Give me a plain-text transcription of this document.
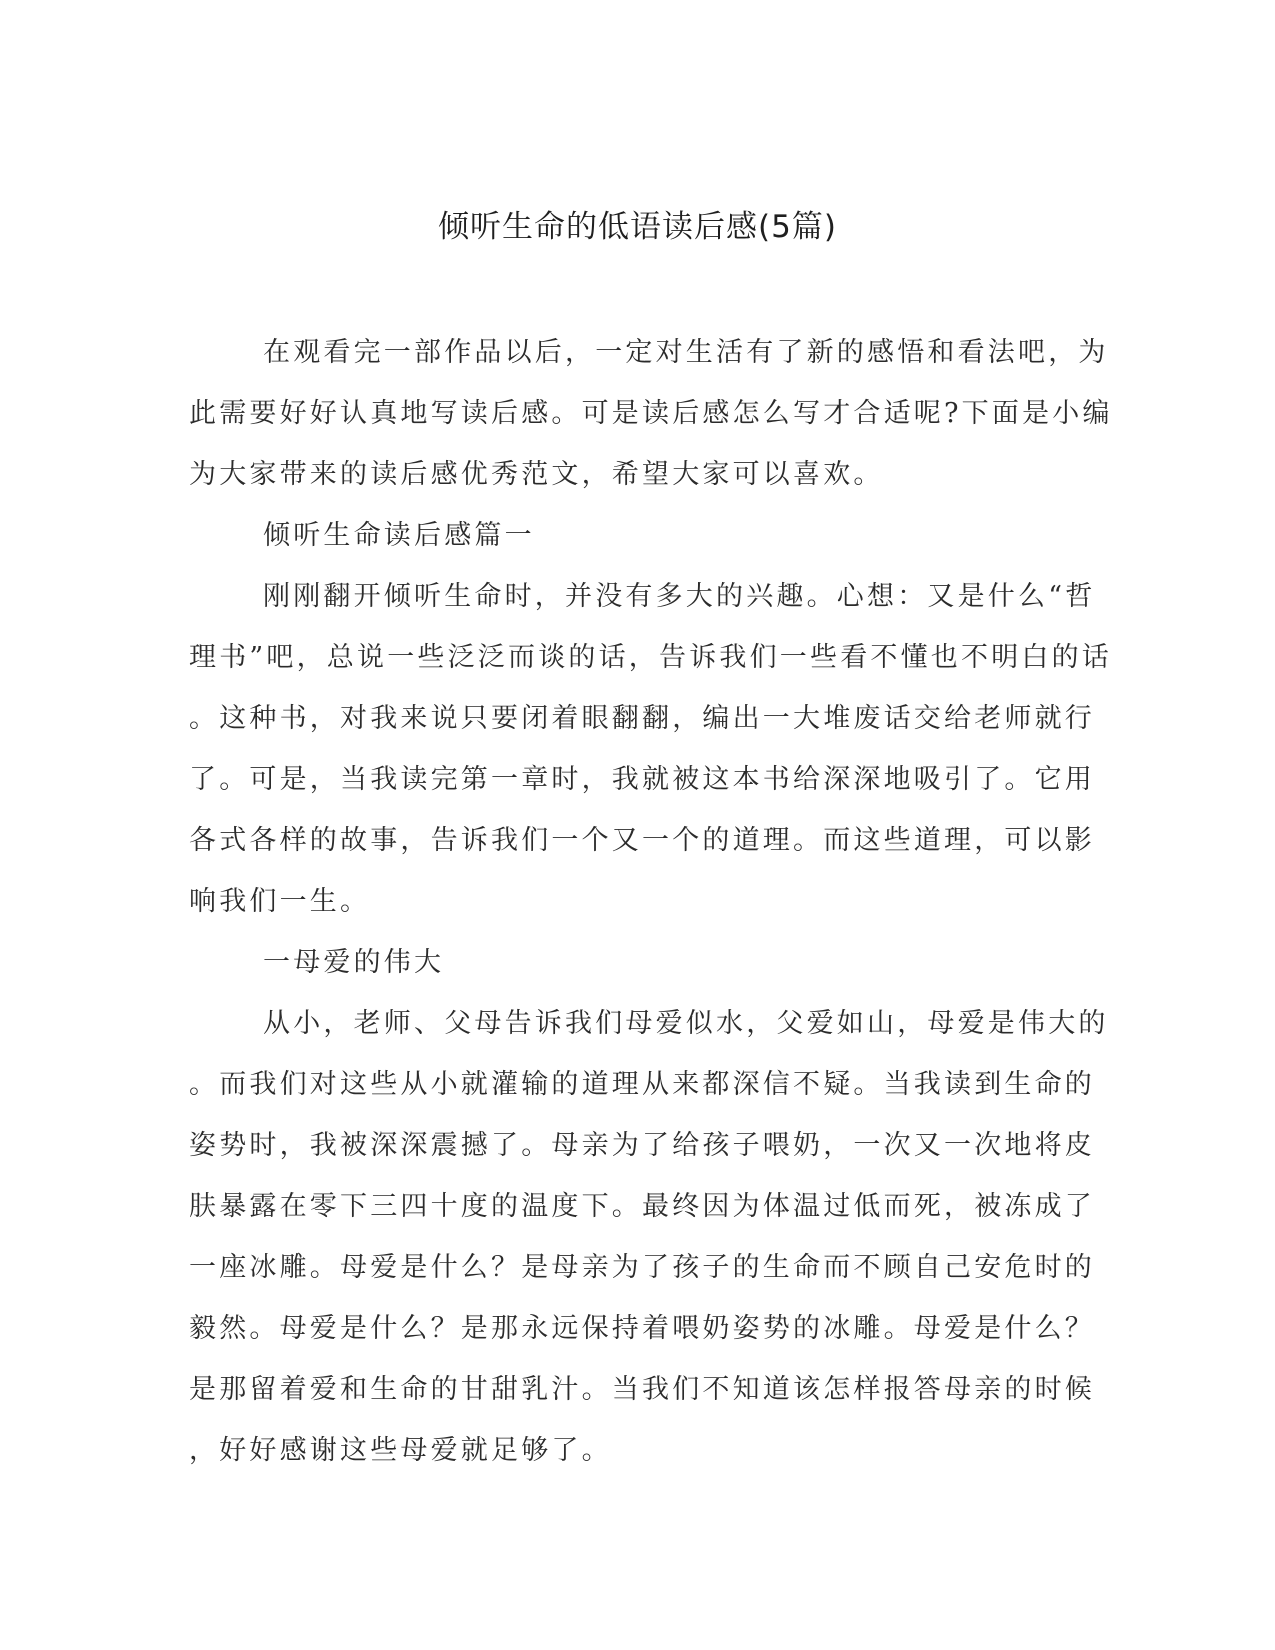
倾听生命的低语读后感(5篇)
在观看完一部作品以后，一定对生活有了新的感悟和看法吧，为
此需要好好认真地写读后感。可是读后感怎么写才合适呢?下面是小编
为大家带来的读后感优秀范文，希望大家可以喜欢。
倾听生命读后感篇一
刚刚翻开倾听生命时，并没有多大的兴趣。心想：又是什么“哲
理书”吧，总说一些泛泛而谈的话，告诉我们一些看不懂也不明白的话
。这种书，对我来说只要闭着眼翻翻，编出一大堆废话交给老师就行
了。可是，当我读完第一章时，我就被这本书给深深地吸引了。它用
各式各样的故事，告诉我们一个又一个的道理。而这些道理，可以影
响我们一生。
一母爱的伟大
从小，老师、父母告诉我们母爱似水，父爱如山，母爱是伟大的
。而我们对这些从小就灌输的道理从来都深信不疑。当我读到生命的
姿势时，我被深深震撼了。母亲为了给孩子喂奶，一次又一次地将皮
肤暴露在零下三四十度的温度下。最终因为体温过低而死，被冻成了
一座冰雕。母爱是什么？是母亲为了孩子的生命而不顾自己安危时的
毅然。母爱是什么？是那永远保持着喂奶姿势的冰雕。母爱是什么？
是那留着爱和生命的甘甜乳汁。当我们不知道该怎样报答母亲的时候
，好好感谢这些母爱就足够了。
